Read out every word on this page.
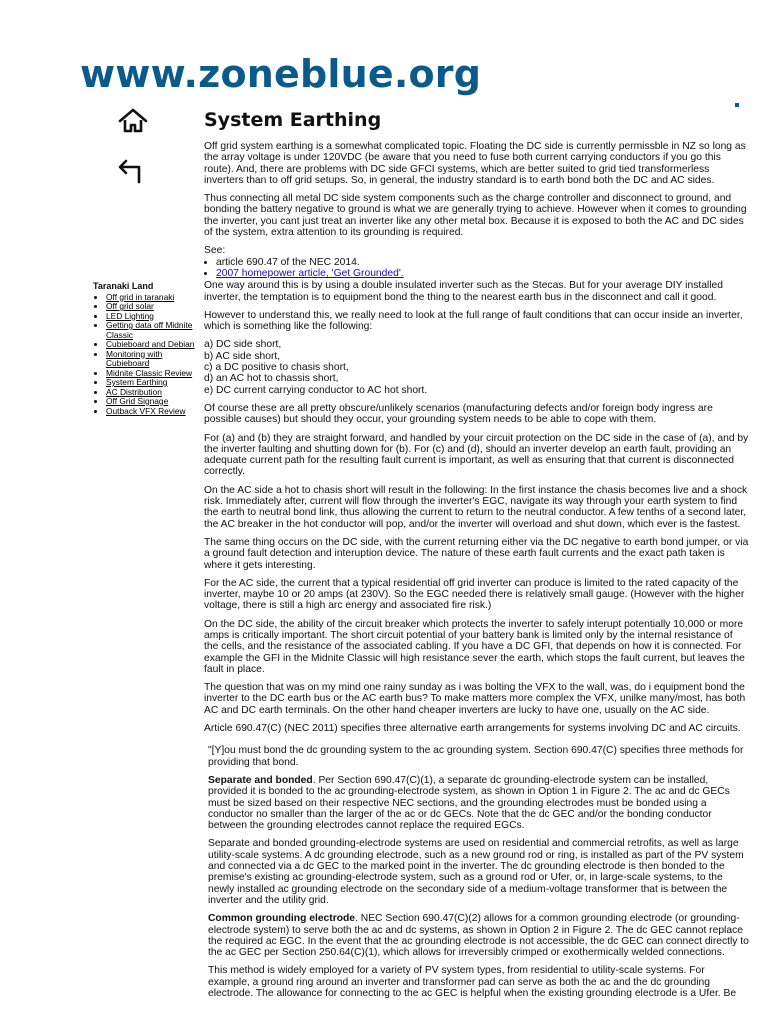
www.zoneblue.org
Taranaki Land
• Off grid in taranaki
• Off grid solar
• LED Lighting
• Getting data off Midnite Classic
• Cubieboard and Debian
• Monitoring with Cubieboard
• Midnite Classic Review
• System Earthing
• AC Distribution
• Off Grid Signage
• Outback VFX Review
System Earthing

Off grid system earthing is a somewhat complicated topic. Floating the DC side is currently permissble in NZ so long as the array voltage is under 120VDC (be aware that you need to fuse both current carrying conductors if you go this route). And, there are problems with DC side GFCI systems, which are better suited to grid tied transformerless inverters than to off grid setups. So, in general, the industry standard is to earth bond both the DC and AC sides.

Thus connecting all metal DC side system components such as the charge controller and disconnect to ground, and bonding the battery negative to ground is what we are generally trying to achieve. However when it comes to grounding the inverter, you cant just treat an inverter like any other metal box. Because it is exposed to both the AC and DC sides of the system, extra attention to its grounding is required.

See:
• article 690.47 of the NEC 2014.
• 2007 homepower article, 'Get Grounded'.

One way around this is by using a double insulated inverter such as the Stecas. But for your average DIY installed inverter, the temptation is to equipment bond the thing to the nearest earth bus in the disconnect and call it good.

However to understand this, we really need to look at the full range of fault conditions that can occur inside an inverter, which is something like the following:

a) DC side short,

b) AC side short,

c) a DC positive to chasis short,

d) an AC hot to chassis short,

e) DC current carrying conductor to AC hot short.

Of course these are all pretty obscure/unlikely scenarios (manufacturing defects and/or foreign body ingress are possible causes) but should they occur, your grounding system needs to be able to cope with them.

For (a) and (b) they are straight forward, and handled by your circuit protection on the DC side in the case of (a), and by the inverter faulting and shutting down for (b). For (c) and (d), should an inverter develop an earth fault, providing an adequate current path for the resulting fault current is important, as well as ensuring that that current is disconnected correctly.

On the AC side a hot to chasis short will result in the following: In the first instance the chasis becomes live and a shock risk. Immediately after, current will flow through the inverter's EGC, navigate its way through your earth system to find the earth to neutral bond link, thus allowing the current to return to the neutral conductor. A few tenths of a second later, the AC breaker in the hot conductor will pop, and/or the inverter will overload and shut down, which ever is the fastest.

The same thing occurs on the DC side, with the current returning either via the DC negative to earth bond jumper, or via a ground fault detection and interuption device. The nature of these earth fault currents and the exact path taken is where it gets interesting.

For the AC side, the current that a typical residential off grid inverter can produce is limited to the rated capacity of the inverter, maybe 10 or 20 amps (at 230V). So the EGC needed there is relatively small gauge. (However with the higher voltage, there is still a high arc energy and associated fire risk.)

On the DC side, the ability of the circuit breaker which protects the inverter to safely interupt potentially 10,000 or more amps is critically important. The short circuit potential of your battery bank is limited only by the internal resistance of the cells, and the resistance of the associated cabling. If you have a DC GFI, that depends on how it is connected. For example the GFI in the Midnite Classic will high resistance sever the earth, which stops the fault current, but leaves the fault in place.

The question that was on my mind one rainy sunday as i was bolting the VFX to the wall, was, do i equipment bond the inverter to the DC earth bus or the AC earth bus? To make matters more complex the VFX, unilke many/most, has both AC and DC earth terminals. On the other hand cheaper inverters are lucky to have one, usually on the AC side.

Article 690.47(C) (NEC 2011) specifies three alternative earth arrangements for systems involving DC and AC circuits.

"[Y]ou must bond the dc grounding system to the ac grounding system. Section 690.47(C) specifies three methods for providing that bond.

Separate and bonded. Per Section 690.47(C)(1), a separate dc grounding-electrode system can be installed, provided it is bonded to the ac grounding-electrode system, as shown in Option 1 in Figure 2. The ac and dc GECs must be sized based on their respective NEC sections, and the grounding electrodes must be bonded using a conductor no smaller than the larger of the ac or dc GECs. Note that the dc GEC and/or the bonding conductor between the grounding electrodes cannot replace the required EGCs.

Separate and bonded grounding-electrode systems are used on residential and commercial retrofits, as well as large utility-scale systems. A dc grounding electrode, such as a new ground rod or ring, is installed as part of the PV system and connected via a dc GEC to the marked point in the inverter. The dc grounding electrode is then bonded to the premise's existing ac grounding-electrode system, such as a ground rod or Ufer, or, in large-scale systems, to the newly installed ac grounding electrode on the secondary side of a medium-voltage transformer that is between the inverter and the utility grid.

Common grounding electrode. NEC Section 690.47(C)(2) allows for a common grounding electrode (or grounding-electrode system) to serve both the ac and dc systems, as shown in Option 2 in Figure 2. The dc GEC cannot replace the required ac EGC. In the event that the ac grounding electrode is not accessible, the dc GEC can connect directly to the ac GEC per Section 250.64(C)(1), which allows for irreversibly crimped or exothermically welded connections.

This method is widely employed for a variety of PV system types, from residential to utility-scale systems. For example, a ground ring around an inverter and transformer pad can serve as both the ac and the dc grounding electrode. The allowance for connecting to the ac GEC is helpful when the existing grounding electrode is a Ufer. Be
